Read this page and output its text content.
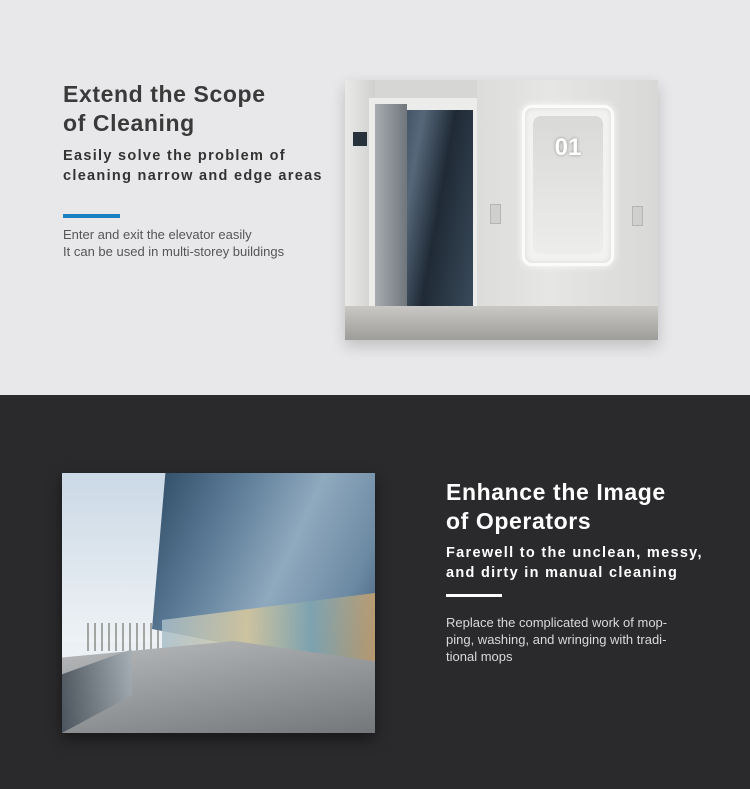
Extend the Scope
of Cleaning

Easily solve the problem of cleaning narrow and edge areas

Enter and exit the elevator easily
It can be used in multi-storey buildings

01
Enhance the Image
of Operators

Farewell to the unclean, messy, and dirty in manual cleaning

Replace the complicated work of mop-
ping, washing, and wringing with tradi-
tional mops
